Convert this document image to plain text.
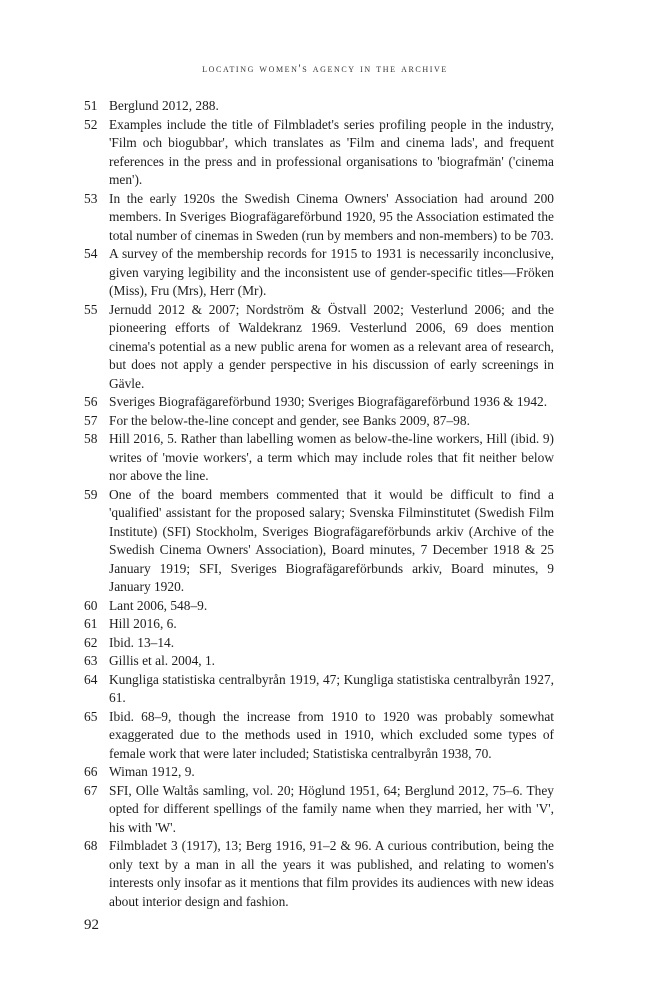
locating women's agency in the archive
51 Berglund 2012, 288.
52 Examples include the title of Filmbladet's series profiling people in the industry, 'Film och biogubbar', which translates as 'Film and cinema lads', and frequent references in the press and in professional organisations to 'biografmän' ('cinema men').
53 In the early 1920s the Swedish Cinema Owners' Association had around 200 members. In Sveriges Biografägareförbund 1920, 95 the Association estimated the total number of cinemas in Sweden (run by members and non-members) to be 703.
54 A survey of the membership records for 1915 to 1931 is necessarily inconclusive, given varying legibility and the inconsistent use of gender-specific titles—Fröken (Miss), Fru (Mrs), Herr (Mr).
55 Jernudd 2012 & 2007; Nordström & Östvall 2002; Vesterlund 2006; and the pioneering efforts of Waldekranz 1969. Vesterlund 2006, 69 does mention cinema's potential as a new public arena for women as a relevant area of research, but does not apply a gender perspective in his discussion of early screenings in Gävle.
56 Sveriges Biografägareförbund 1930; Sveriges Biografägareförbund 1936 & 1942.
57 For the below-the-line concept and gender, see Banks 2009, 87–98.
58 Hill 2016, 5. Rather than labelling women as below-the-line workers, Hill (ibid. 9) writes of 'movie workers', a term which may include roles that fit neither below nor above the line.
59 One of the board members commented that it would be difficult to find a 'qualified' assistant for the proposed salary; Svenska Filminstitutet (Swedish Film Institute) (SFI) Stockholm, Sveriges Biografägareförbunds arkiv (Archive of the Swedish Cinema Owners' Association), Board minutes, 7 December 1918 & 25 January 1919; SFI, Sveriges Biografägareförbunds arkiv, Board minutes, 9 January 1920.
60 Lant 2006, 548–9.
61 Hill 2016, 6.
62 Ibid. 13–14.
63 Gillis et al. 2004, 1.
64 Kungliga statistiska centralbyrån 1919, 47; Kungliga statistiska centralbyrån 1927, 61.
65 Ibid. 68–9, though the increase from 1910 to 1920 was probably somewhat exaggerated due to the methods used in 1910, which excluded some types of female work that were later included; Statistiska centralbyrån 1938, 70.
66 Wiman 1912, 9.
67 SFI, Olle Waltås samling, vol. 20; Höglund 1951, 64; Berglund 2012, 75–6. They opted for different spellings of the family name when they married, her with 'V', his with 'W'.
68 Filmbladet 3 (1917), 13; Berg 1916, 91–2 & 96. A curious contribution, being the only text by a man in all the years it was published, and relating to women's interests only insofar as it mentions that film provides its audiences with new ideas about interior design and fashion.
92
